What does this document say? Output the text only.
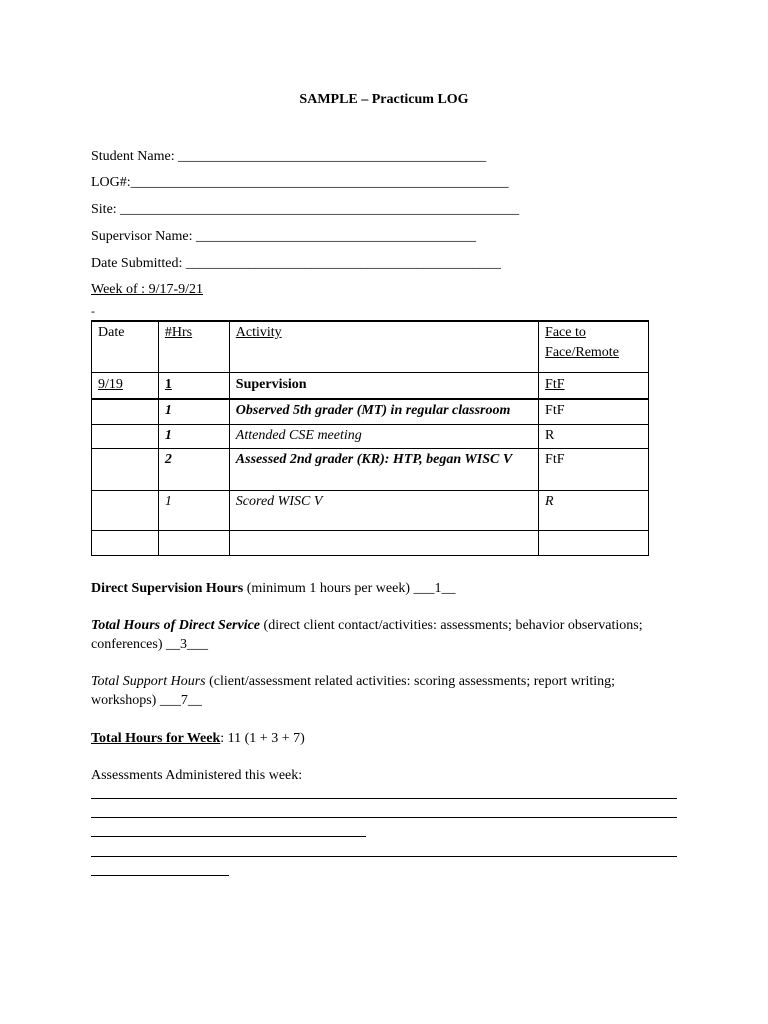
SAMPLE – Practicum LOG
Student Name: ____________________________________________
LOG#:______________________________________________________
Site: _________________________________________________________
Supervisor Name: ________________________________________
Date Submitted: _____________________________________________
Week of : 9/17-9/21
-
Date	#Hrs	Activity	Face to
Face/Remote
9/19	1	Supervision	FtF
	1	Observed 5th grader (MT) in regular classroom	FtF
	1	Attended CSE meeting	R
	2	Assessed 2nd grader (KR): HTP, began WISC V	FtF
	1	Scored WISC V	R

Direct Supervision Hours (minimum 1 hours per week) ___1__
Total Hours of Direct Service (direct client contact/activities: assessments; behavior observations; conferences) __3___
Total Support Hours (client/assessment related activities: scoring assessments; report writing; workshops) ___7__
Total Hours for Week: 11 (1 + 3 + 7)
Assessments Administered this week:
